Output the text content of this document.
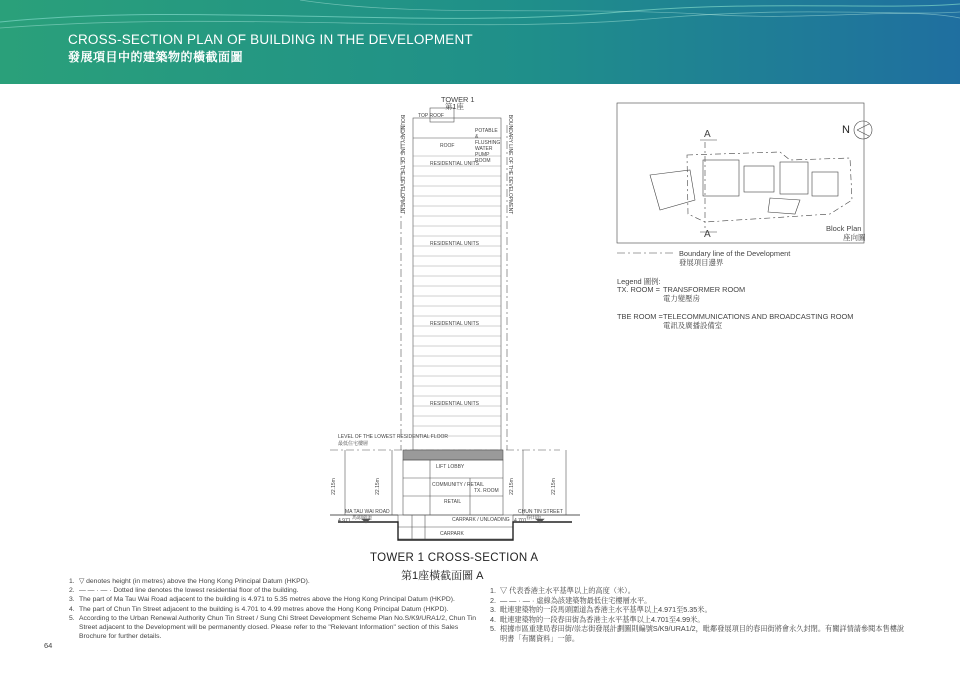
CROSS-SECTION PLAN OF BUILDING IN THE DEVELOPMENT
發展項目中的建築物的橫截面圖
TOWER 1
第1座
TOP ROOF
POTABLE & FLUSHING WATER PUMP ROOM
ROOF
RESIDENTIAL UNITS
RESIDENTIAL UNITS
RESIDENTIAL UNITS
RESIDENTIAL UNITS
LEVEL OF THE LOWEST RESIDENTIAL FLOOR
最低住宅樓層
LIFT LOBBY
TX. ROOM
COMMUNITY / RETAIL
RETAIL
CARPARK / UNLOADING
CARPARK
MA TAU WAI ROAD
馬頭圍道
CHUN TIN STREET
春田街
4.971	4.701
22.15m	22.15m	22.15m	22.15m
BOUNDARY LINE OF THE DEVELOPMENT	BOUNDARY LINE OF THE DEVELOPMENT
TOWER 1 CROSS-SECTION A
第1座橫截面圖 A
N
A
A
Block Plan
座向圖
Boundary line of the Development
發展項目邊界
Legend 圖例:
TX. ROOM = TRANSFORMER ROOM
電力變壓房
TBE ROOM = TELECOMMUNICATIONS AND BROADCASTING ROOM
電訊及廣播設備室
1. ▽ denotes height (in metres) above the Hong Kong Principal Datum (HKPD).
2. — — · — · Dotted line denotes the lowest residential floor of the building.
3. The part of Ma Tau Wai Road adjacent to the building is 4.971 to 5.35 metres above the Hong Kong Principal Datum (HKPD).
4. The part of Chun Tin Street adjacent to the building is 4.701 to 4.99 metres above the Hong Kong Principal Datum (HKPD).
5. According to the Urban Renewal Authority Chun Tin Street / Sung Chi Street Development Scheme Plan No.S/K9/URA1/2, Chun Tin Street adjacent to the Development will be permanently closed. Please refer to the "Relevant Information" section of this Sales Brochure for further details.
1. ▽ 代表香港主水平基準以上的高度（米）。
2. — — · — · 虛線為該建築物最低住宅樓層水平。
3. 毗連建築物的一段馬頭圍道為香港主水平基準以上4.971至5.35米。
4. 毗連建築物的一段春田街為香港主水平基準以上4.701至4.99米。
5. 根據市區重建局春田街/崇志街發展計劃圖則編號S/K9/URA1/2，毗鄰發展項目的春田街將會永久封閉。有關詳情請參閱本售樓說明書「有關資料」一節。
64
